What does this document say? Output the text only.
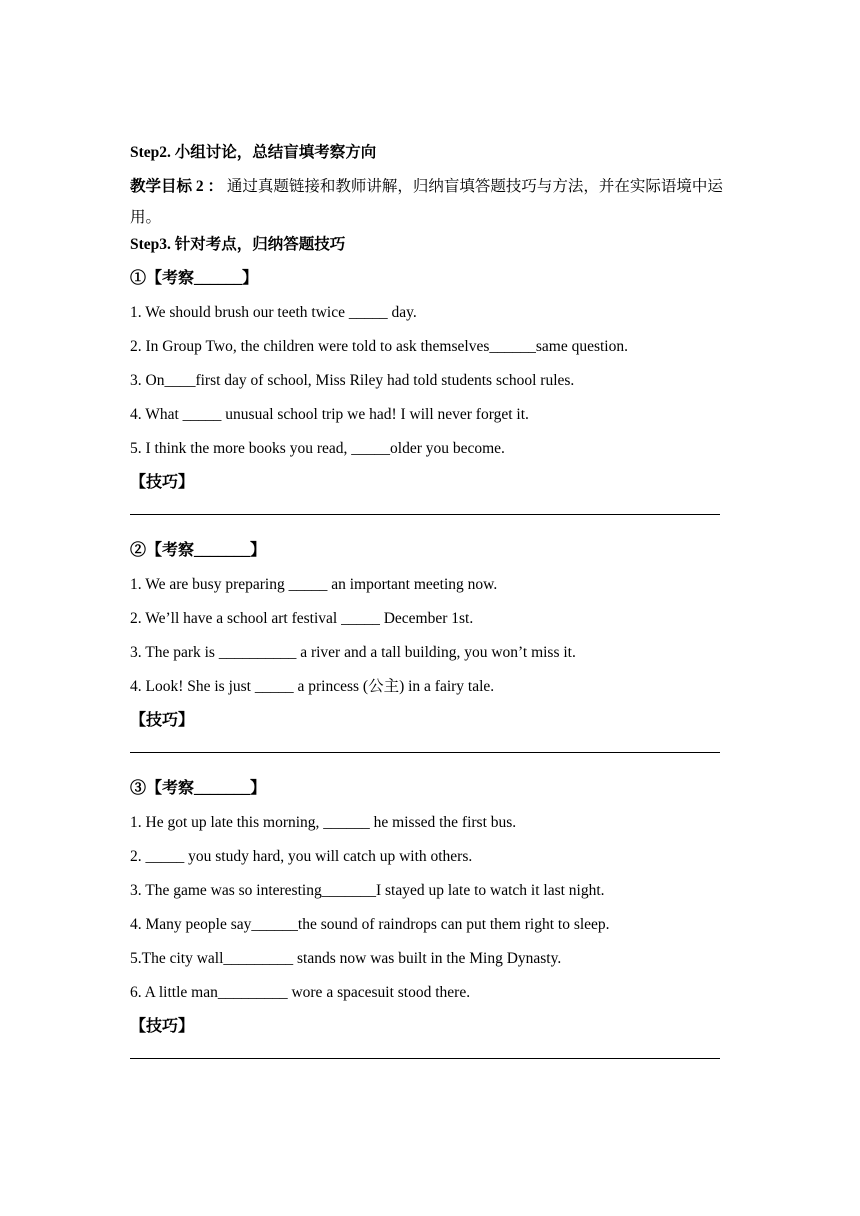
Step2. 小组讨论，总结盲填考察方向
教学目标 2 ： 通过真题链接和教师讲解，归纳盲填答题技巧与方法，并在实际语境中运用。
Step3. 针对考点，归纳答题技巧
①【考察______】
1. We should brush our teeth twice _____ day.
2. In Group Two, the children were told to ask themselves______same question.
3. On____first day of school, Miss Riley had told students school rules.
4. What _____ unusual school trip we had! I will never forget it.
5. I think the more books you read, _____older you become.
【技巧】
②【考察_______】
1. We are busy preparing _____ an important meeting now.
2. We’ll have a school art festival _____ December 1st.
3. The park is __________ a river and a tall building, you won’t miss it.
4. Look! She is just _____ a princess (公主) in a fairy tale.
【技巧】
③【考察_______】
1. He got up late this morning, ______ he missed the first bus.
2. _____ you study hard, you will catch up with others.
3. The game was so interesting_______I stayed up late to watch it last night.
4. Many people say______the sound of raindrops can put them right to sleep.
5.The city wall_________ stands now was built in the Ming Dynasty.
6. A little man_________ wore a spacesuit stood there.
【技巧】
